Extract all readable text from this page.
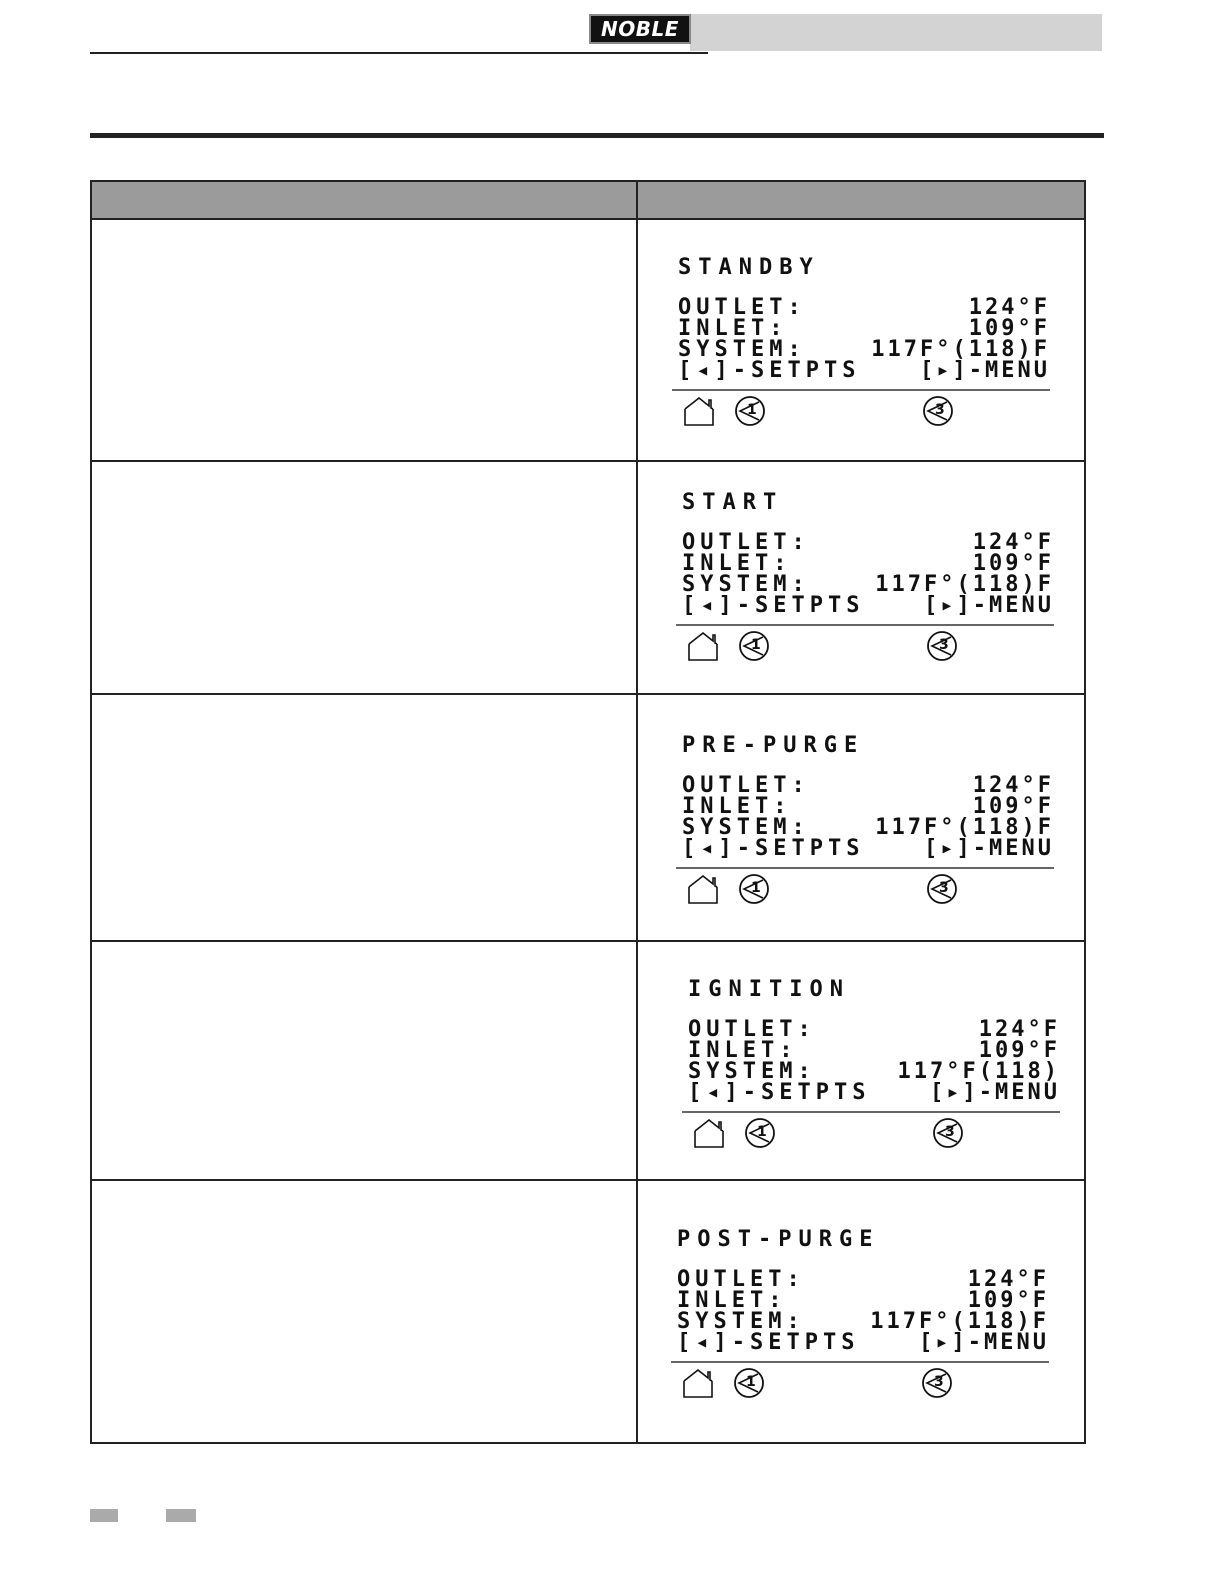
NOBLE
STANDBY
OUTLET:	124°F
INLET:	109°F
SYSTEM:	117F°(118)F
[◂]-SETPTS	[▸]-MENU
1	3
START
OUTLET:	124°F
INLET:	109°F
SYSTEM:	117F°(118)F
[◂]-SETPTS	[▸]-MENU
1	3
PRE-PURGE
OUTLET:	124°F
INLET:	109°F
SYSTEM:	117F°(118)F
[◂]-SETPTS	[▸]-MENU
1	3
IGNITION
OUTLET:	124°F
INLET:	109°F
SYSTEM:	117°F(118)
[◂]-SETPTS	[▸]-MENU
1	3
POST-PURGE
OUTLET:	124°F
INLET:	109°F
SYSTEM:	117F°(118)F
[◂]-SETPTS	[▸]-MENU
1	3
